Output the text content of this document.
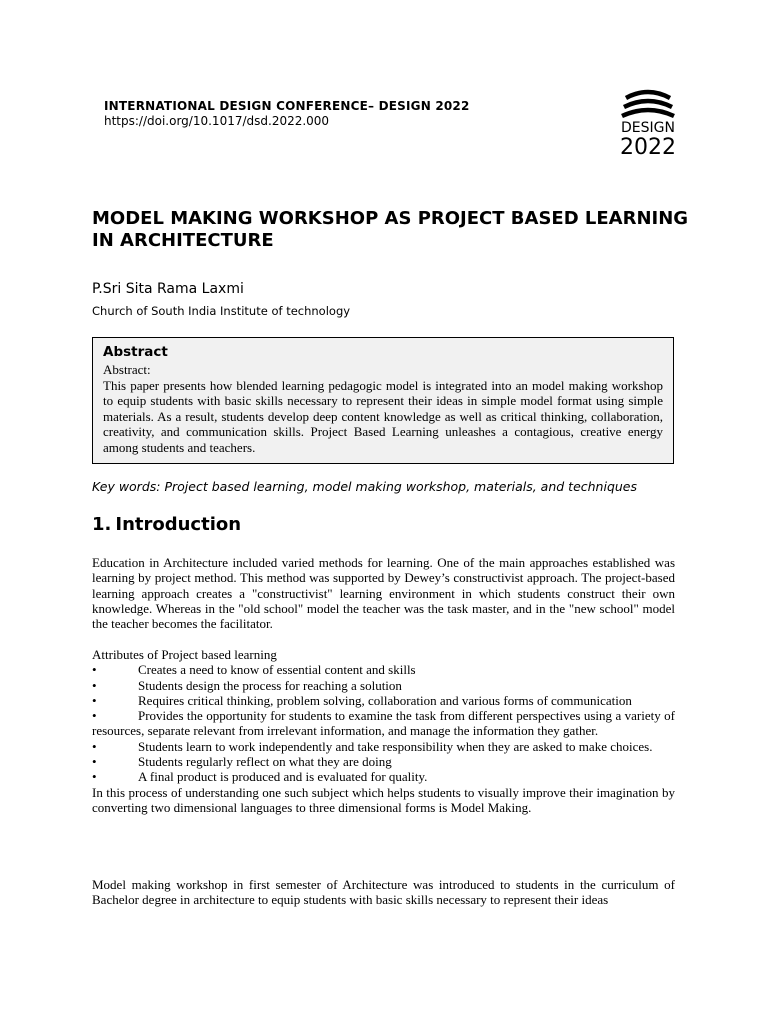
INTERNATIONAL DESIGN CONFERENCE– DESIGN 2022
https://doi.org/10.1017/dsd.2022.000	DESIGN
2022
MODEL MAKING WORKSHOP AS PROJECT BASED LEARNING IN ARCHITECTURE
P.Sri Sita Rama Laxmi
Church of South India Institute of technology
Abstract
Abstract:
This paper presents how blended learning pedagogic model is integrated into an model making workshop to equip students with basic skills necessary to represent their ideas in simple model format using simple materials. As a result, students develop deep content knowledge as well as critical thinking, collaboration, creativity, and communication skills. Project Based Learning unleashes a contagious, creative energy among students and teachers.
Key words: Project based learning, model making workshop, materials, and techniques
1. Introduction
Education in Architecture included varied methods for learning. One of the main approaches established was learning by project method. This method was supported by Dewey’s constructivist approach. The project-based learning approach creates a "constructivist" learning environment in which students construct their own knowledge. Whereas in the "old school" model the teacher was the task master, and in the "new school" model the teacher becomes the facilitator.
Attributes of Project based learning
•	Creates a need to know of essential content and skills
•	Students design the process for reaching a solution
•	Requires critical thinking, problem solving, collaboration and various forms of communication
•	Provides the opportunity for students to examine the task from different perspectives using a variety of resources, separate relevant from irrelevant information, and manage the information they gather.
•	Students learn to work independently and take responsibility when they are asked to make choices.
•	Students regularly reflect on what they are doing
•	A final product is produced and is evaluated for quality.
In this process of understanding one such subject which helps students to visually improve their imagination by converting two dimensional languages to three dimensional forms is Model Making.
Model making workshop in first semester of Architecture was introduced to students in the curriculum of Bachelor degree in architecture to equip students with basic skills necessary to represent their ideas
